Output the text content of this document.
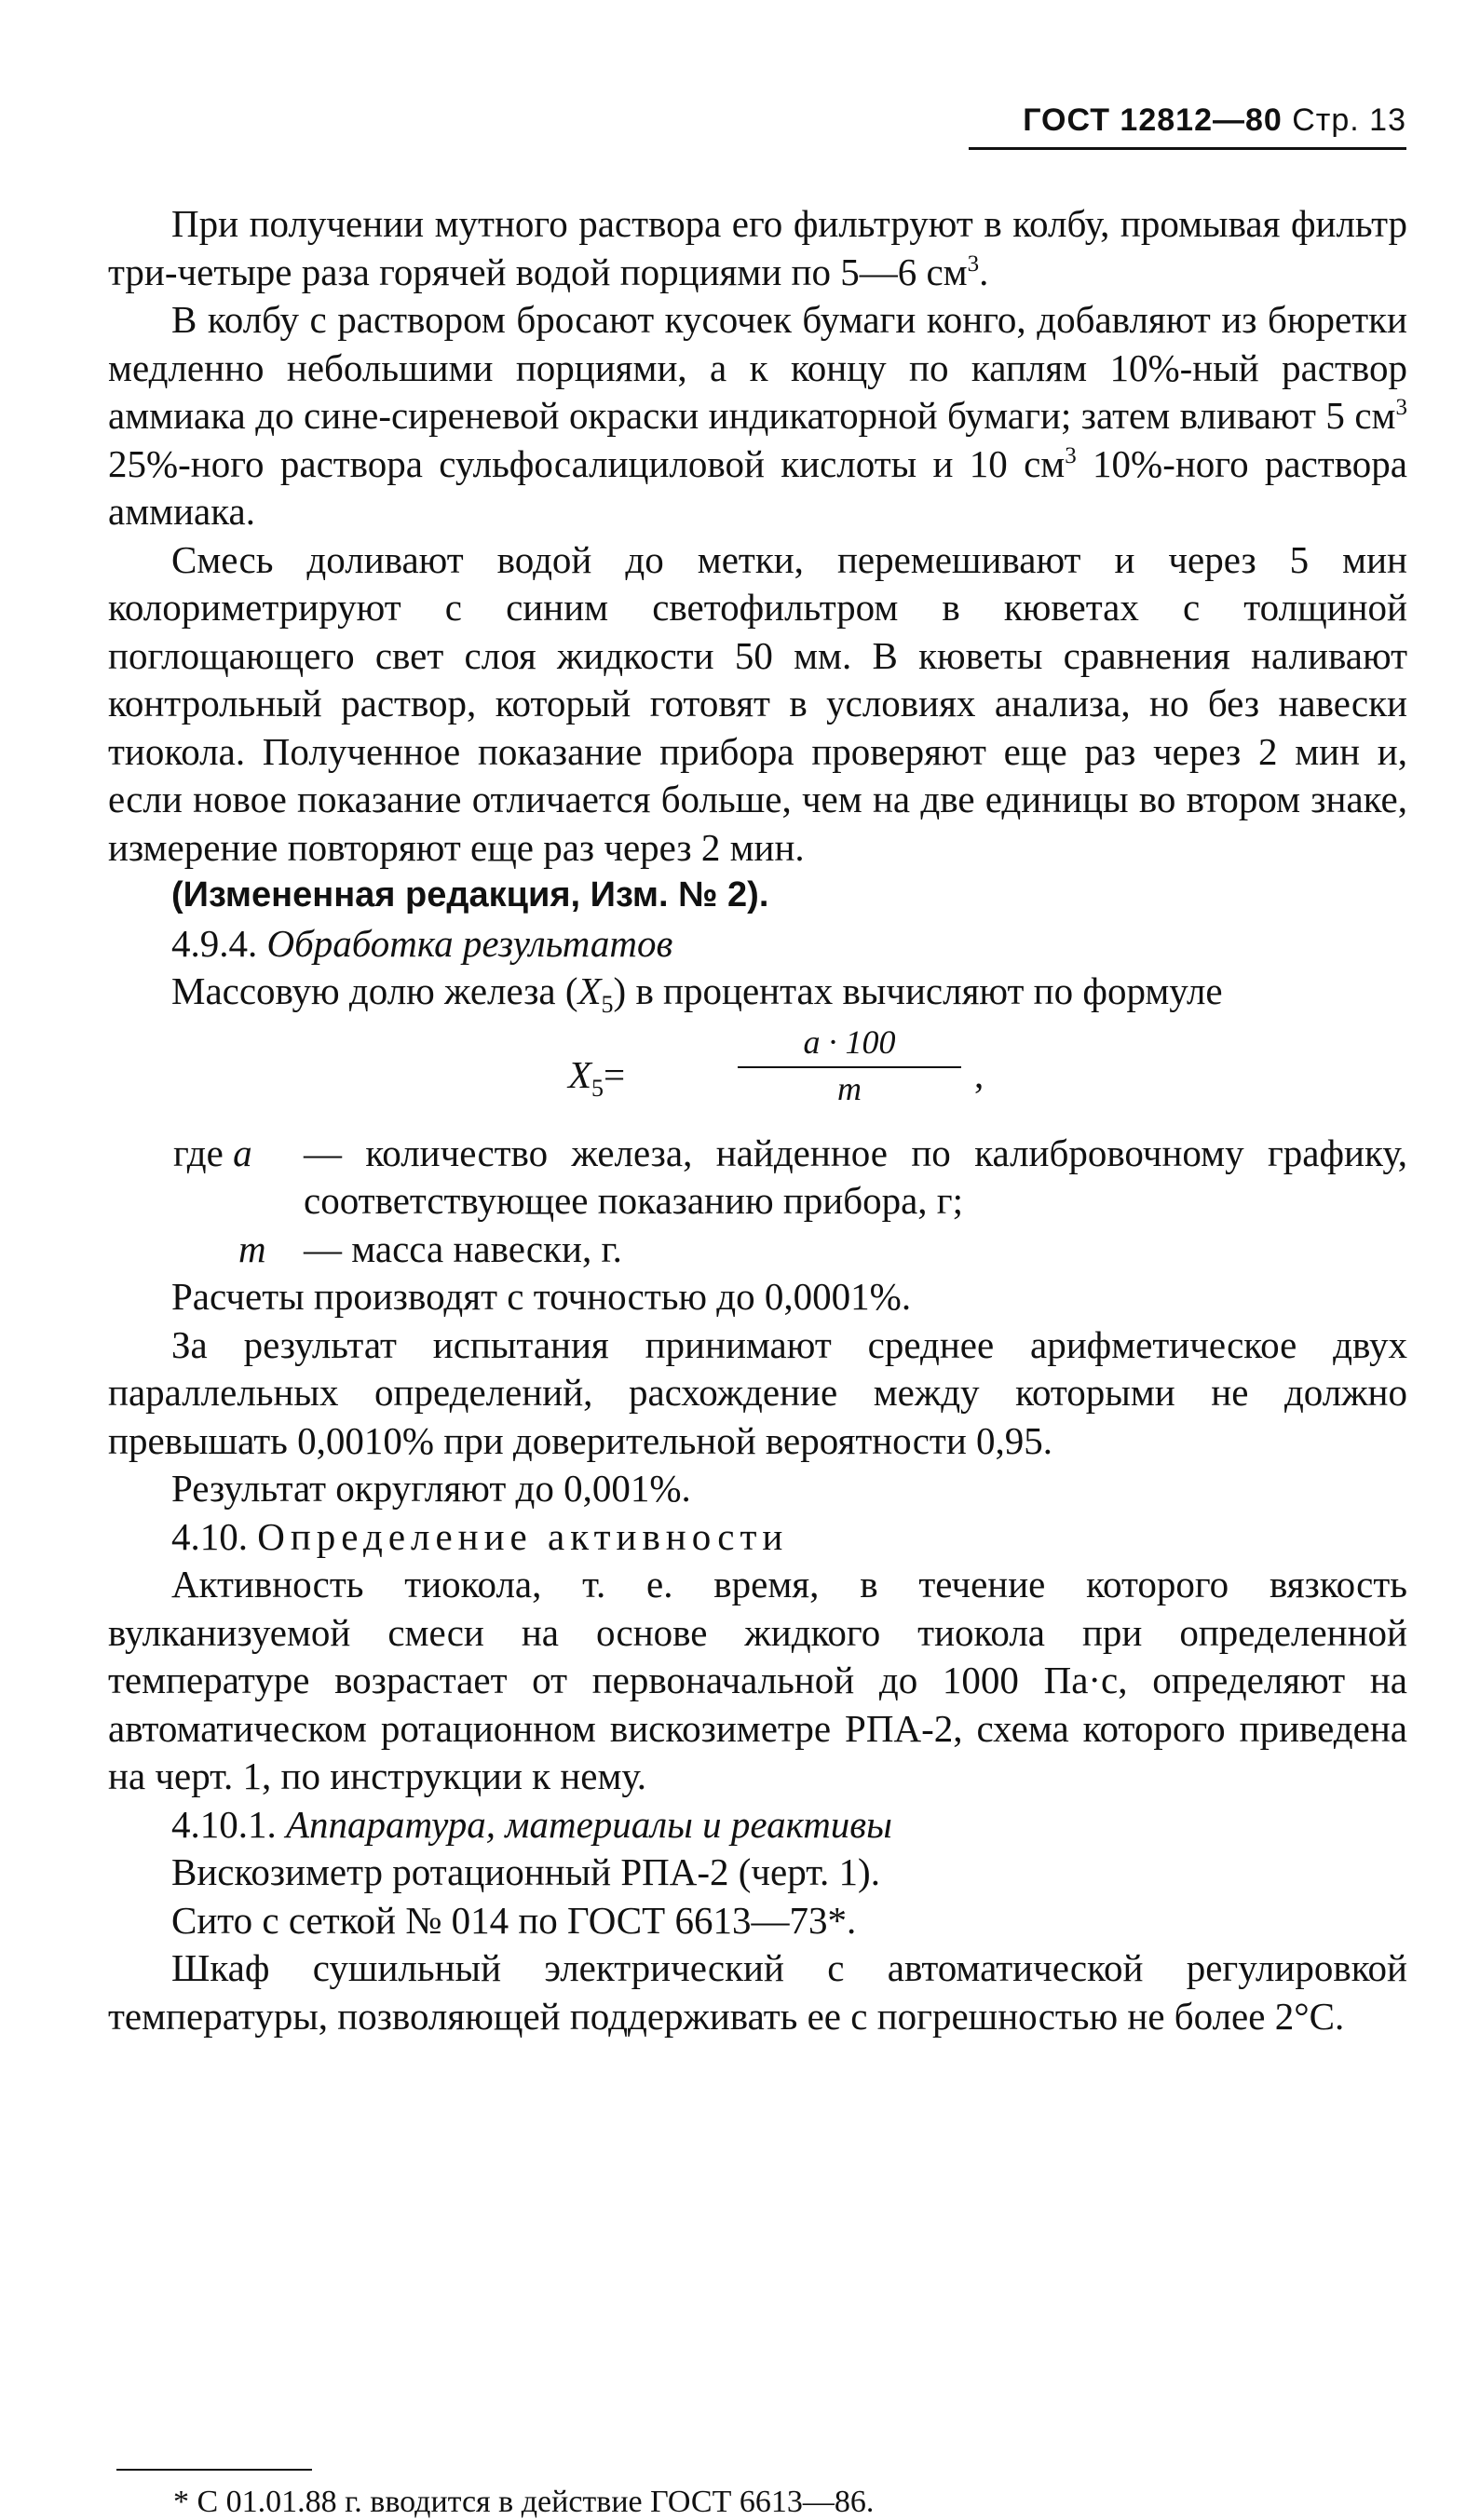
ГОСТ 12812—80 Стр. 13

При получении мутного раствора его фильтруют в колбу, промывая фильтр три-четыре раза горячей водой порциями по 5—6 $см^3$.

В колбу с раствором бросают кусочек бумаги конго, добавляют из бюретки медленно небольшими порциями, а к концу по каплям 10%-ный раствор аммиака до сине-сиреневой окраски индикаторной бумаги; затем вливают 5 $см^3$ 25%-ного раствора сульфосалициловой кислоты и 10 $см^3$ 10%-ного раствора аммиака.

Смесь доливают водой до метки, перемешивают и через 5 мин колориметрируют с синим светофильтром в кюветах с толщиной поглощающего свет слоя жидкости 50 мм. В кюветы сравнения наливают контрольный раствор, который готовят в условиях анализа, но без навески тиокола. Полученное показание прибора проверяют еще раз через 2 мин и, если новое показание отличается больше, чем на две единицы во втором знаке, измерение повторяют еще раз через 2 мин.

(Измененная редакция, Изм. № 2).

4.9.4. Обработка результатов

Массовую долю железа $(X_5)$ в процентах вычисляют по формуле

$X_5=$
a · 100
m	,
где a — количество железа, найденное по калибровочному графику, соответствующее показанию прибора, г;
m — масса навески, г.

Расчеты производят с точностью до 0,0001%.

За результат испытания принимают среднее арифметическое двух параллельных определений, расхождение между которыми не должно превышать 0,0010% при доверительной вероятности 0,95.

Результат округляют до 0,001%.

4.10. Определение активности

Активность тиокола, т. е. время, в течение которого вязкость вулканизуемой смеси на основе жидкого тиокола при определенной температуре возрастает от первоначальной до 1000 Па·с, определяют на автоматическом ротационном вискозиметре РПА-2, схема которого приведена на черт. 1, по инструкции к нему.

4.10.1. Аппаратура, материалы и реактивы

Вискозиметр ротационный РПА-2 (черт. 1).

Сито с сеткой № 014 по ГОСТ 6613—73*.

Шкаф сушильный электрический с автоматической регулировкой температуры, позволяющей поддерживать ее с погрешностью не более 2°С.

* С 01.01.88 г. вводится в действие ГОСТ 6613—86.
